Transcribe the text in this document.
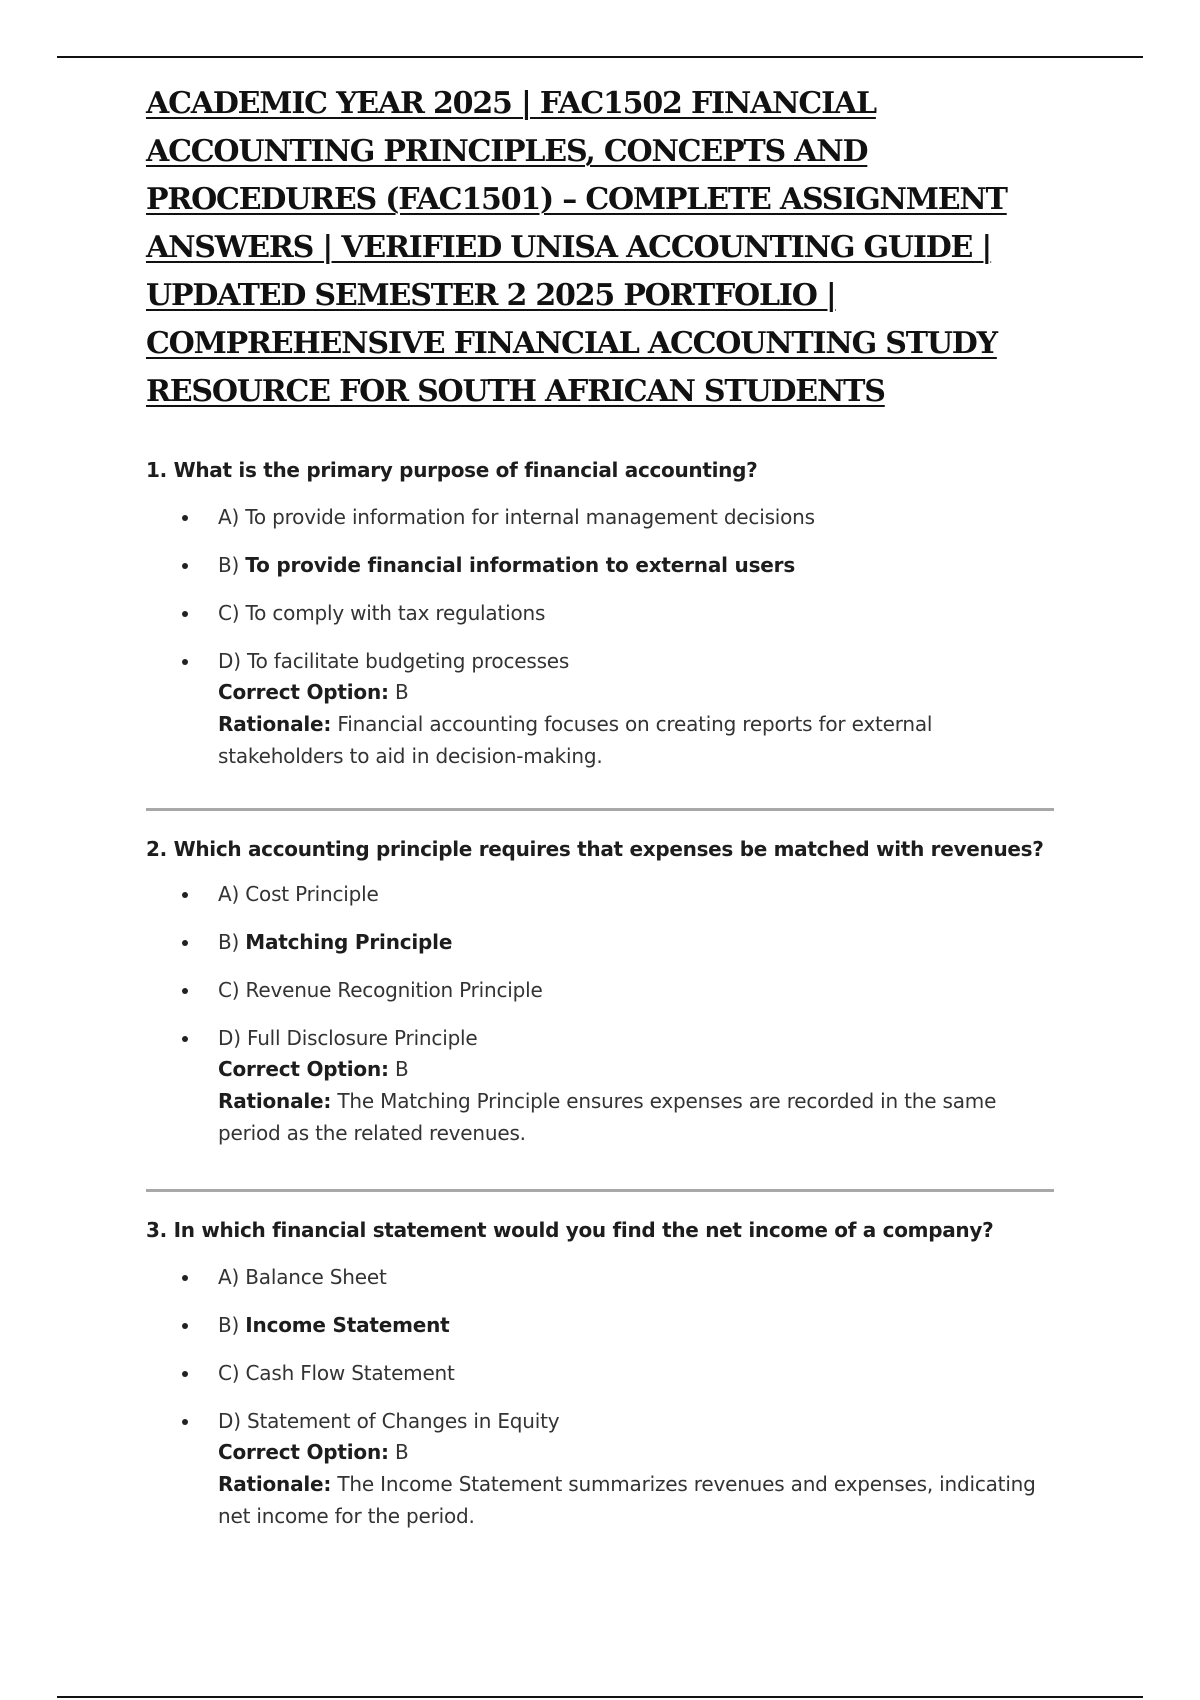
ACADEMIC YEAR 2025 | FAC1502 FINANCIAL ACCOUNTING PRINCIPLES, CONCEPTS AND PROCEDURES (FAC1501) – COMPLETE ASSIGNMENT ANSWERS | VERIFIED UNISA ACCOUNTING GUIDE | UPDATED SEMESTER 2 2025 PORTFOLIO | COMPREHENSIVE FINANCIAL ACCOUNTING STUDY RESOURCE FOR SOUTH AFRICAN STUDENTS

1. What is the primary purpose of financial accounting?

A) To provide information for internal management decisions
B) To provide financial information to external users
C) To comply with tax regulations
D) To facilitate budgeting processes
Correct Option: B
Rationale: Financial accounting focuses on creating reports for external stakeholders to aid in decision-making.

2. Which accounting principle requires that expenses be matched with revenues?

A) Cost Principle
B) Matching Principle
C) Revenue Recognition Principle
D) Full Disclosure Principle
Correct Option: B
Rationale: The Matching Principle ensures expenses are recorded in the same period as the related revenues.

3. In which financial statement would you find the net income of a company?

A) Balance Sheet
B) Income Statement
C) Cash Flow Statement
D) Statement of Changes in Equity
Correct Option: B
Rationale: The Income Statement summarizes revenues and expenses, indicating net income for the period.
